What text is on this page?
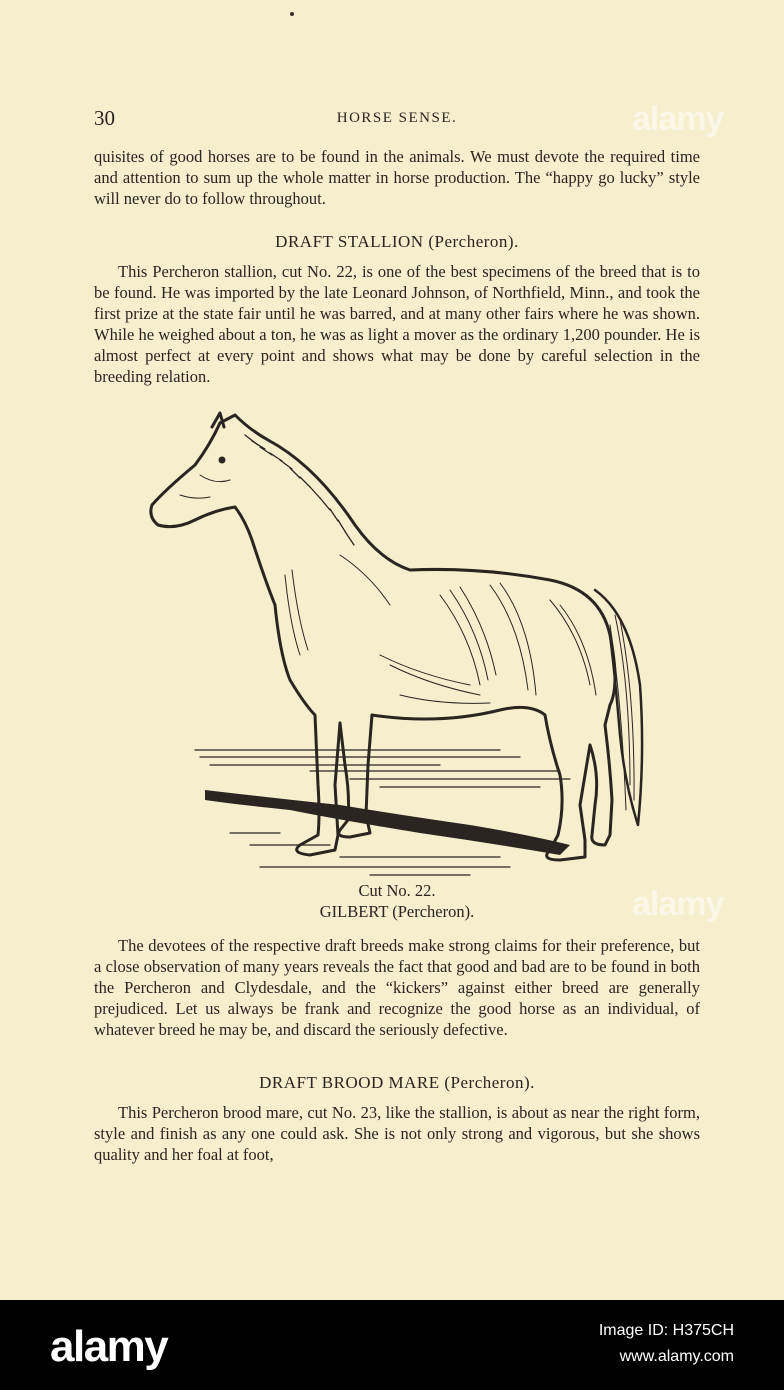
30	HORSE SENSE.

quisites of good horses are to be found in the animals. We must devote the required time and attention to sum up the whole matter in horse production. The “happy go lucky” style will never do to follow throughout.

DRAFT STALLION (Percheron).

This Percheron stallion, cut No. 22, is one of the best specimens of the breed that is to be found. He was imported by the late Leonard Johnson, of Northfield, Minn., and took the first prize at the state fair until he was barred, and at many other fairs where he was shown. While he weighed about a ton, he was as light a mover as the ordinary 1,200 pounder. He is almost perfect at every point and shows what may be done by careful selection in the breeding relation.

Cut No. 22.
GILBERT (Percheron).

The devotees of the respective draft breeds make strong claims for their preference, but a close observation of many years reveals the fact that good and bad are to be found in both the Percheron and Clydesdale, and the “kickers” against either breed are generally prejudiced. Let us always be frank and recognize the good horse as an individual, of whatever breed he may be, and discard the seriously defective.

DRAFT BROOD MARE (Percheron).

This Percheron brood mare, cut No. 23, like the stallion, is about as near the right form, style and finish as any one could ask. She is not only strong and vigorous, but she shows quality and her foal at foot,

alamy
alamy
alamy	Image ID: H375CH
www.alamy.com
